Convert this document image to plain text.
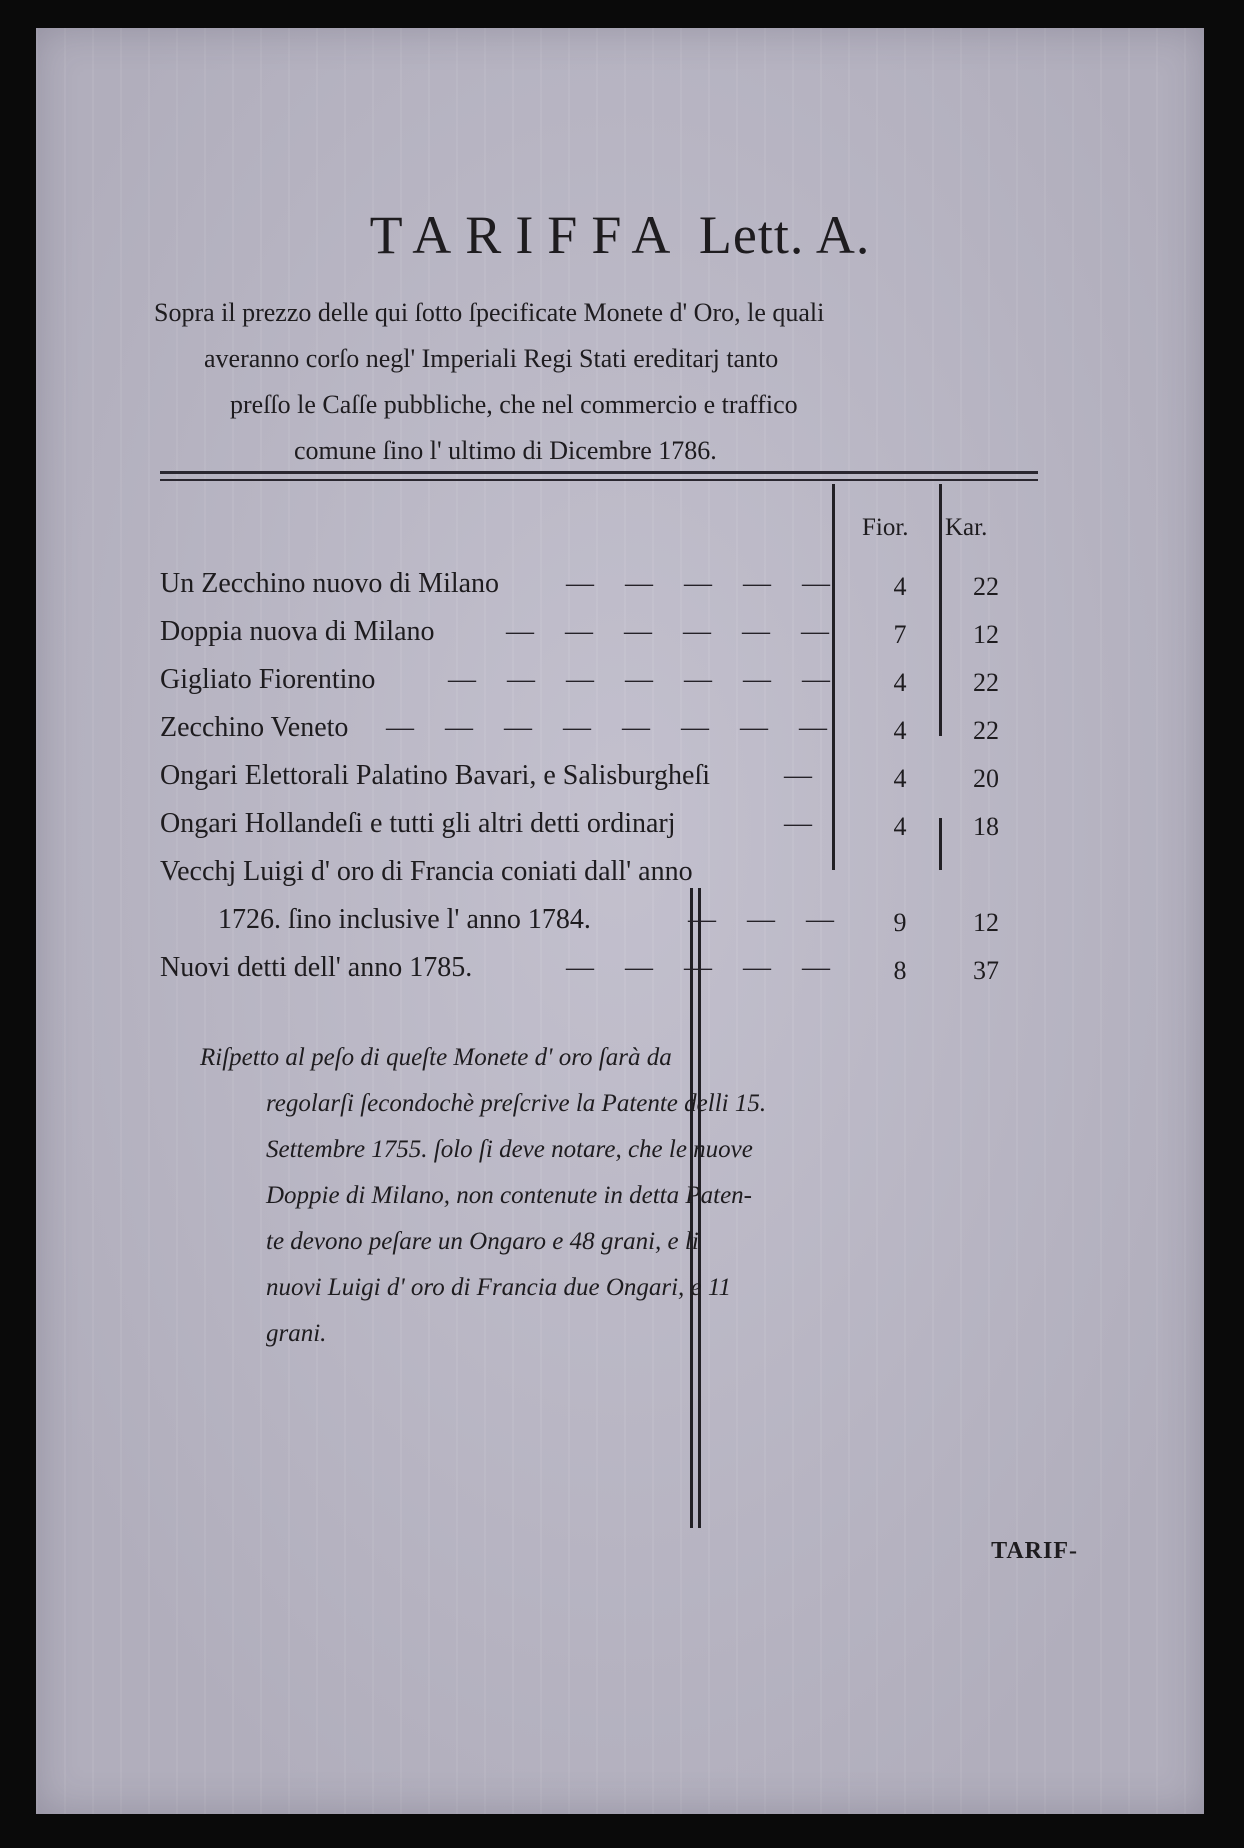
TARIFFA Lett. A.
Sopra il prezzo delle qui ſotto ſpecificate Monete d' Oro, le quali
averanno corſo negl' Imperiali Regi Stati ereditarj tanto
preſſo le Caſſe pubbliche, che nel commercio e traffico
comune ſino l' ultimo di Dicembre 1786.
Fior. Kar.
Un Zecchino nuovo di Milano — — — — —	4	22
Doppia nuova di Milano	— — — — — —	7	12
Gigliato Fiorentino	— — — — — — —	4	22
Zecchino Veneto — — — — — — — —	4	22
Ongari Elettorali Palatino Bavari, e Salisburgheſi	—	4	20
Ongari Hollandeſi e tutti gli altri detti ordinarj	—	4	18
Vecchj Luigi d' oro di Francia coniati dall' anno
1726. ſino inclusive l' anno 1784.	— — —	9	12
Nuovi detti dell' anno 1785.	— — — — —	8	37
Riſpetto al peſo di queſte Monete d' oro ſarà da
regolarſi ſecondochè preſcrive la Patente delli 15.
Settembre 1755. ſolo ſi deve notare, che le nuove
Doppie di Milano, non contenute in detta Paten-
te devono peſare un Ongaro e 48 grani, e li
nuovi Luigi d' oro di Francia due Ongari, e 11
grani.
TARIF-
